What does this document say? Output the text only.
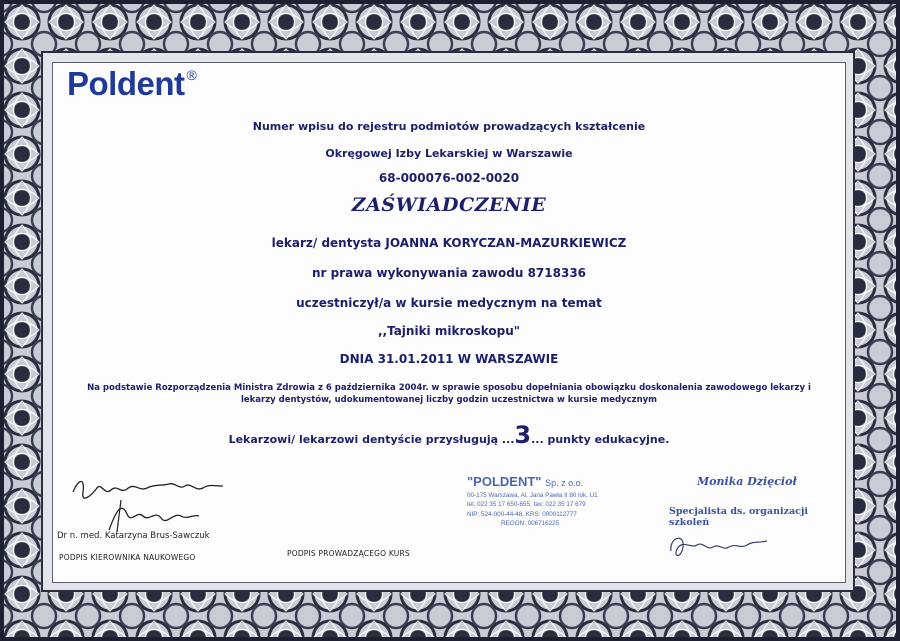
Poldent ®
Numer wpisu do rejestru podmiotów prowadzących kształcenie
Okręgowej Izby Lekarskiej w Warszawie
68-000076-002-0020
ZAŚWIADCZENIE
lekarz/ dentysta JOANNA KORYCZAN-MAZURKIEWICZ
nr prawa wykonywania zawodu 8718336
uczestniczył/a w kursie medycznym na temat
,,Tajniki mikroskopu"
DNIA 31.01.2011 W WARSZAWIE
Na podstawie Rozporządzenia Ministra Zdrowia z 6 października 2004r. w sprawie sposobu dopełniania obowiązku doskonalenia zawodowego lekarzy i
lekarzy dentystów, udokumentowanej liczby godzin uczestnictwa w kursie medycznym
Lekarzowi/ lekarzowi dentyście przysługują ...3... punkty edukacyjne.
Dr n. med. Katarzyna Brus-Sawczuk
PODPIS KIEROWNIKA NAUKOWEGO	PODPIS PROWADZĄCEGO KURS
"POLDENT" Sp. z o.o.
00-175 Warszawa, Al. Jana Pawła II 80 lok. U1
tel. 022 35 17 650-655, fax: 022 35 17 679
NIP: 524-000-44-48, KRS: 0000112777
REGON: 006716225
Monika Dzięcioł
Specjalista ds. organizacji szkoleń
